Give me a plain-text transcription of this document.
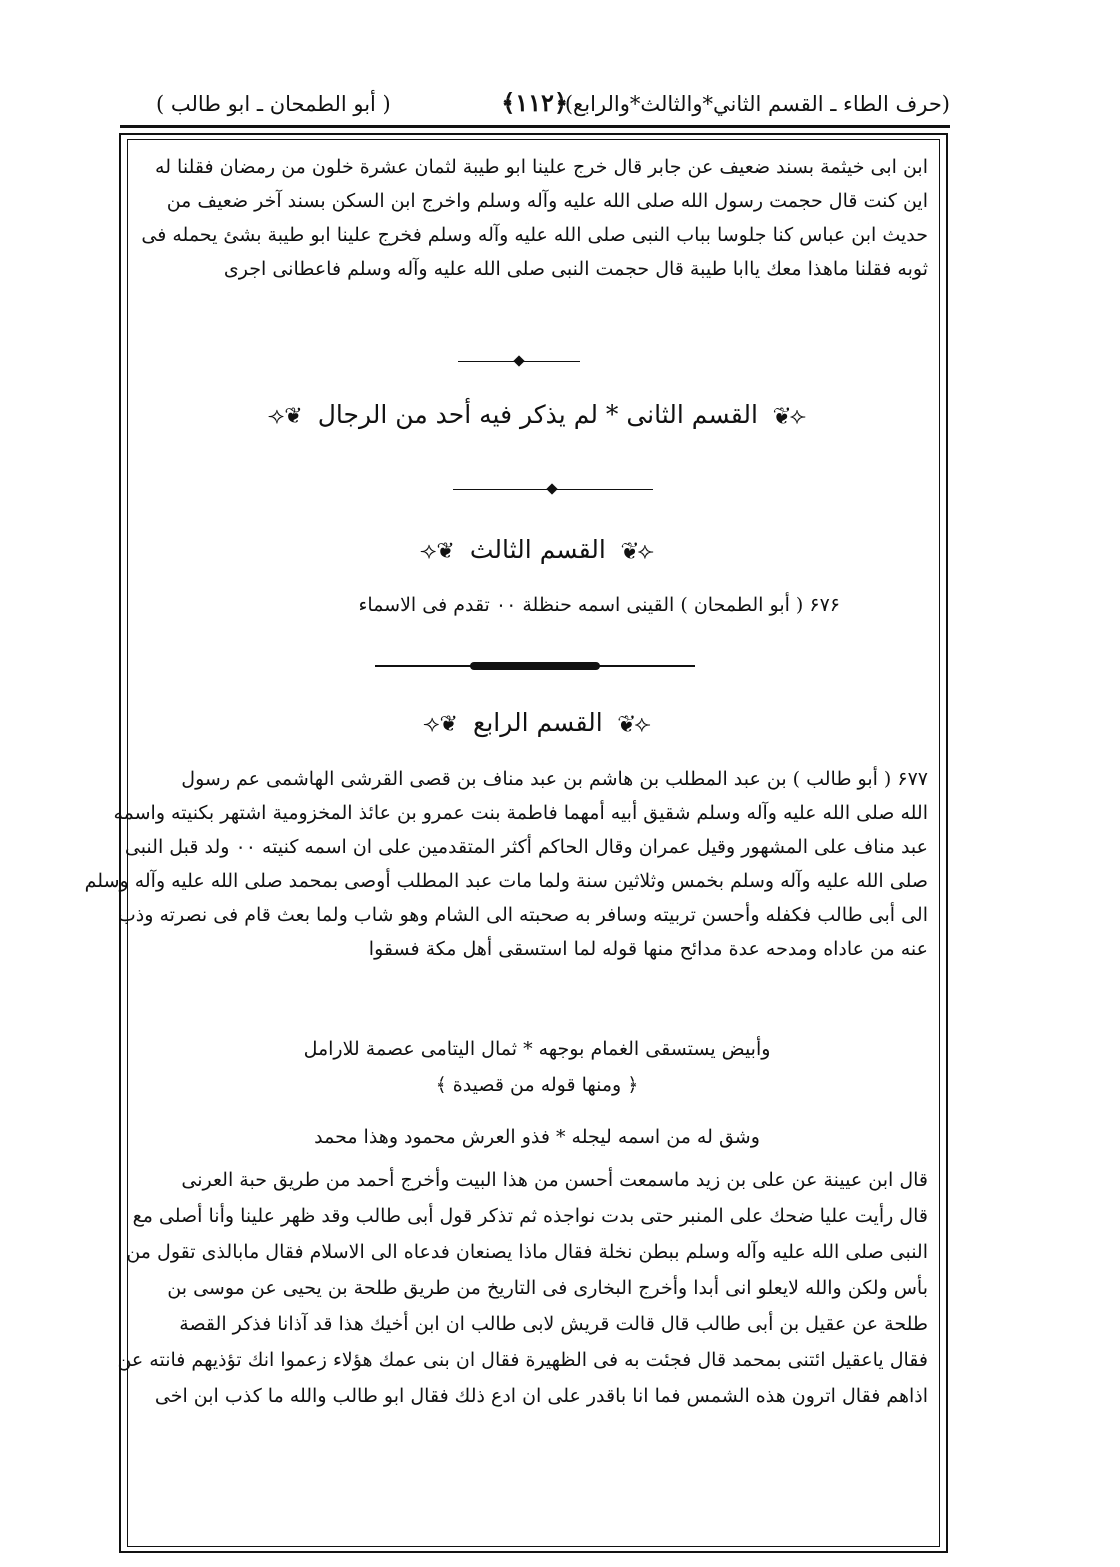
(حرف الطاء ـ القسم الثاني*والثالث*والرابع)
﴿۱۱۲﴾
( أبو الطمحان ـ ابو طالب )
ابن ابى خيثمة بسند ضعيف عن جابر قال خرج علينا ابو طيبة لثمان عشرة خلون من رمضان فقلنا له
اين كنت قال حجمت رسول الله صلى الله عليه وآله وسلم واخرج ابن السكن بسند آخر ضعيف من
حديث ابن عباس كنا جلوسا بباب النبى صلى الله عليه وآله وسلم فخرج علينا ابو طيبة بشئ يحمله فى
ثوبه فقلنا ماهذا معك ياابا طيبة قال حجمت النبى صلى الله عليه وآله وسلم فاعطانى اجرى
⟢❦ القسم الثانى * لم يذكر فيه أحد من الرجال ❦⟣
⟢❦ القسم الثالث ❦⟣
۶۷۶ ( أبو الطمحان ) القينى اسمه حنظلة ٠٠ تقدم فى الاسماء
⟢❦ القسم الرابع ❦⟣
۶۷۷ ( أبو طالب ) بن عبد المطلب بن هاشم بن عبد مناف بن قصى القرشى الهاشمى عم رسول
الله صلى الله عليه وآله وسلم شقيق أبيه أمهما فاطمة بنت عمرو بن عائذ المخزومية اشتهر بكنيته واسمه
عبد مناف على المشهور وقيل عمران وقال الحاكم أكثر المتقدمين على ان اسمه كنيته ٠٠ ولد قبل النبى
صلى الله عليه وآله وسلم بخمس وثلاثين سنة ولما مات عبد المطلب أوصى بمحمد صلى الله عليه وآله وسلم
الى أبى طالب فكفله وأحسن تربيته وسافر به صحبته الى الشام وهو شاب ولما بعث قام فى نصرته وذب
عنه من عاداه ومدحه عدة مدائح منها قوله لما استسقى أهل مكة فسقوا
وأبيض يستسقى الغمام بوجهه * ثمال اليتامى عصمة للارامل
﴿ ومنها قوله من قصيدة ﴾
وشق له من اسمه ليجله * فذو العرش محمود وهذا محمد
قال ابن عيينة عن على بن زيد ماسمعت أحسن من هذا البيت وأخرج أحمد من طريق حبة العرنى
قال رأيت عليا ضحك على المنبر حتى بدت نواجذه ثم تذكر قول أبى طالب وقد ظهر علينا وأنا أصلى مع
النبى صلى الله عليه وآله وسلم ببطن نخلة فقال ماذا يصنعان فدعاه الى الاسلام فقال مابالذى تقول من
بأس ولكن والله لايعلو انى أبدا وأخرج البخارى فى التاريخ من طريق طلحة بن يحيى عن موسى بن
طلحة عن عقيل بن أبى طالب قال قالت قريش لابى طالب ان ابن أخيك هذا قد آذانا فذكر القصة
فقال ياعقيل ائتنى بمحمد قال فجئت به فى الظهيرة فقال ان بنى عمك هؤلاء زعموا انك تؤذيهم فانته عن
اذاهم فقال اترون هذه الشمس فما انا باقدر على ان ادع ذلك فقال ابو طالب والله ما كذب ابن اخى
